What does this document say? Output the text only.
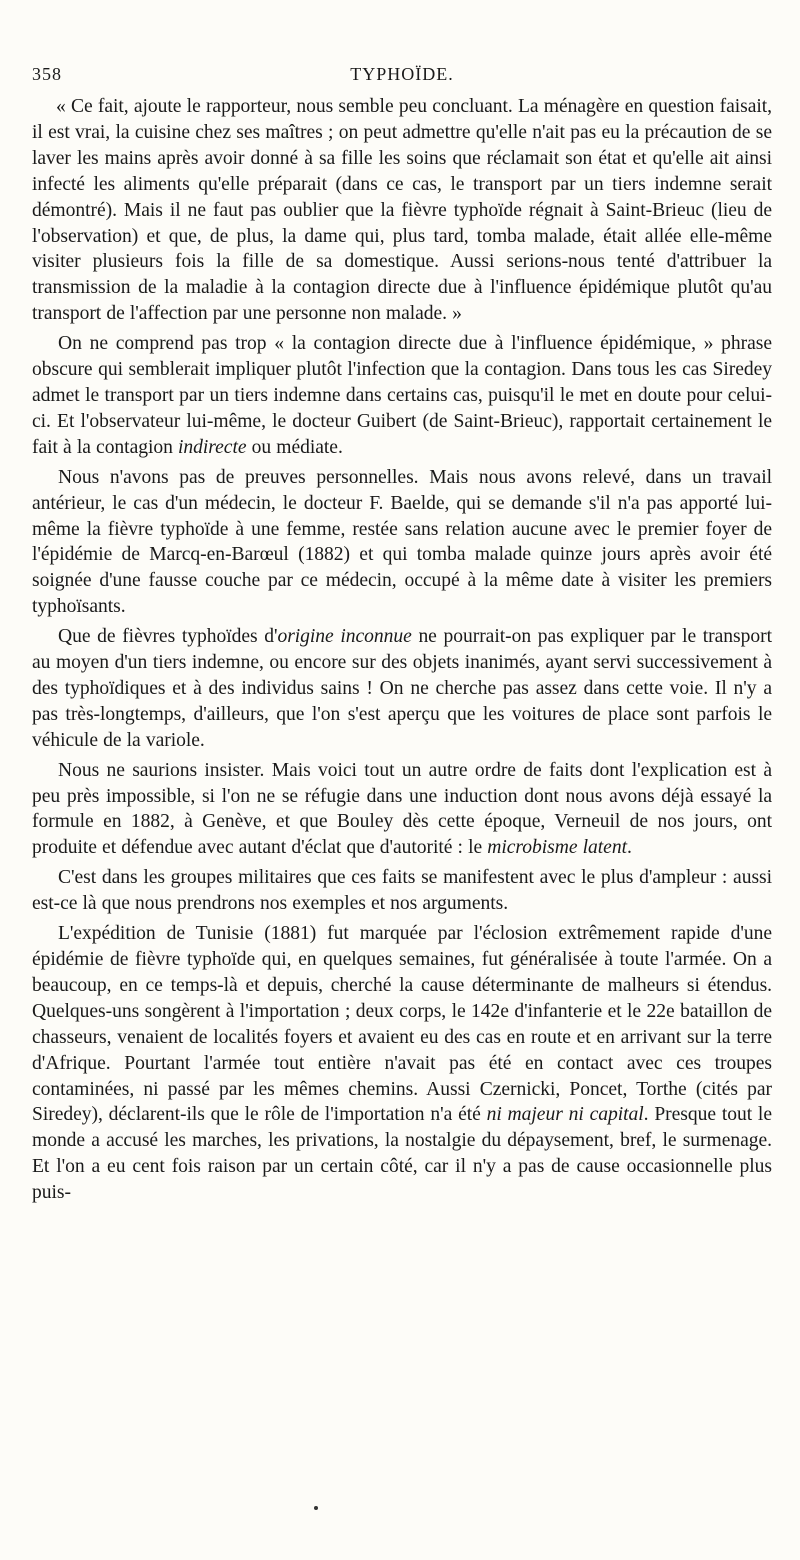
358	TYPHOÏDE.

« Ce fait, ajoute le rapporteur, nous semble peu concluant. La ménagère en question faisait, il est vrai, la cuisine chez ses maîtres ; on peut admettre qu'elle n'ait pas eu la précaution de se laver les mains après avoir donné à sa fille les soins que réclamait son état et qu'elle ait ainsi infecté les aliments qu'elle préparait (dans ce cas, le transport par un tiers indemne serait démontré). Mais il ne faut pas oublier que la fièvre typhoïde régnait à Saint-Brieuc (lieu de l'observation) et que, de plus, la dame qui, plus tard, tomba malade, était allée elle-même visiter plusieurs fois la fille de sa domestique. Aussi serions-nous tenté d'attribuer la transmission de la maladie à la contagion directe due à l'influence épidémique plutôt qu'au transport de l'affection par une personne non malade. »

On ne comprend pas trop « la contagion directe due à l'influence épidémique, » phrase obscure qui semblerait impliquer plutôt l'infection que la contagion. Dans tous les cas Siredey admet le transport par un tiers indemne dans certains cas, puisqu'il le met en doute pour celui-ci. Et l'observateur lui-même, le docteur Guibert (de Saint-Brieuc), rapportait certainement le fait à la contagion indirecte ou médiate.

Nous n'avons pas de preuves personnelles. Mais nous avons relevé, dans un travail antérieur, le cas d'un médecin, le docteur F. Baelde, qui se demande s'il n'a pas apporté lui-même la fièvre typhoïde à une femme, restée sans relation aucune avec le premier foyer de l'épidémie de Marcq-en-Barœul (1882) et qui tomba malade quinze jours après avoir été soignée d'une fausse couche par ce médecin, occupé à la même date à visiter les premiers typhoïsants.

Que de fièvres typhoïdes d'origine inconnue ne pourrait-on pas expliquer par le transport au moyen d'un tiers indemne, ou encore sur des objets inanimés, ayant servi successivement à des typhoïdiques et à des individus sains ! On ne cherche pas assez dans cette voie. Il n'y a pas très-longtemps, d'ailleurs, que l'on s'est aperçu que les voitures de place sont parfois le véhicule de la variole.

Nous ne saurions insister. Mais voici tout un autre ordre de faits dont l'explication est à peu près impossible, si l'on ne se réfugie dans une induction dont nous avons déjà essayé la formule en 1882, à Genève, et que Bouley dès cette époque, Verneuil de nos jours, ont produite et défendue avec autant d'éclat que d'autorité : le microbisme latent.

C'est dans les groupes militaires que ces faits se manifestent avec le plus d'ampleur : aussi est-ce là que nous prendrons nos exemples et nos arguments.

L'expédition de Tunisie (1881) fut marquée par l'éclosion extrêmement rapide d'une épidémie de fièvre typhoïde qui, en quelques semaines, fut généralisée à toute l'armée. On a beaucoup, en ce temps-là et depuis, cherché la cause déterminante de malheurs si étendus. Quelques-uns songèrent à l'importation ; deux corps, le 142e d'infanterie et le 22e bataillon de chasseurs, venaient de localités foyers et avaient eu des cas en route et en arrivant sur la terre d'Afrique. Pourtant l'armée tout entière n'avait pas été en contact avec ces troupes contaminées, ni passé par les mêmes chemins. Aussi Czernicki, Poncet, Torthe (cités par Siredey), déclarent-ils que le rôle de l'importation n'a été ni majeur ni capital. Presque tout le monde a accusé les marches, les privations, la nostalgie du dépaysement, bref, le surmenage. Et l'on a eu cent fois raison par un certain côté, car il n'y a pas de cause occasionnelle plus puis-
